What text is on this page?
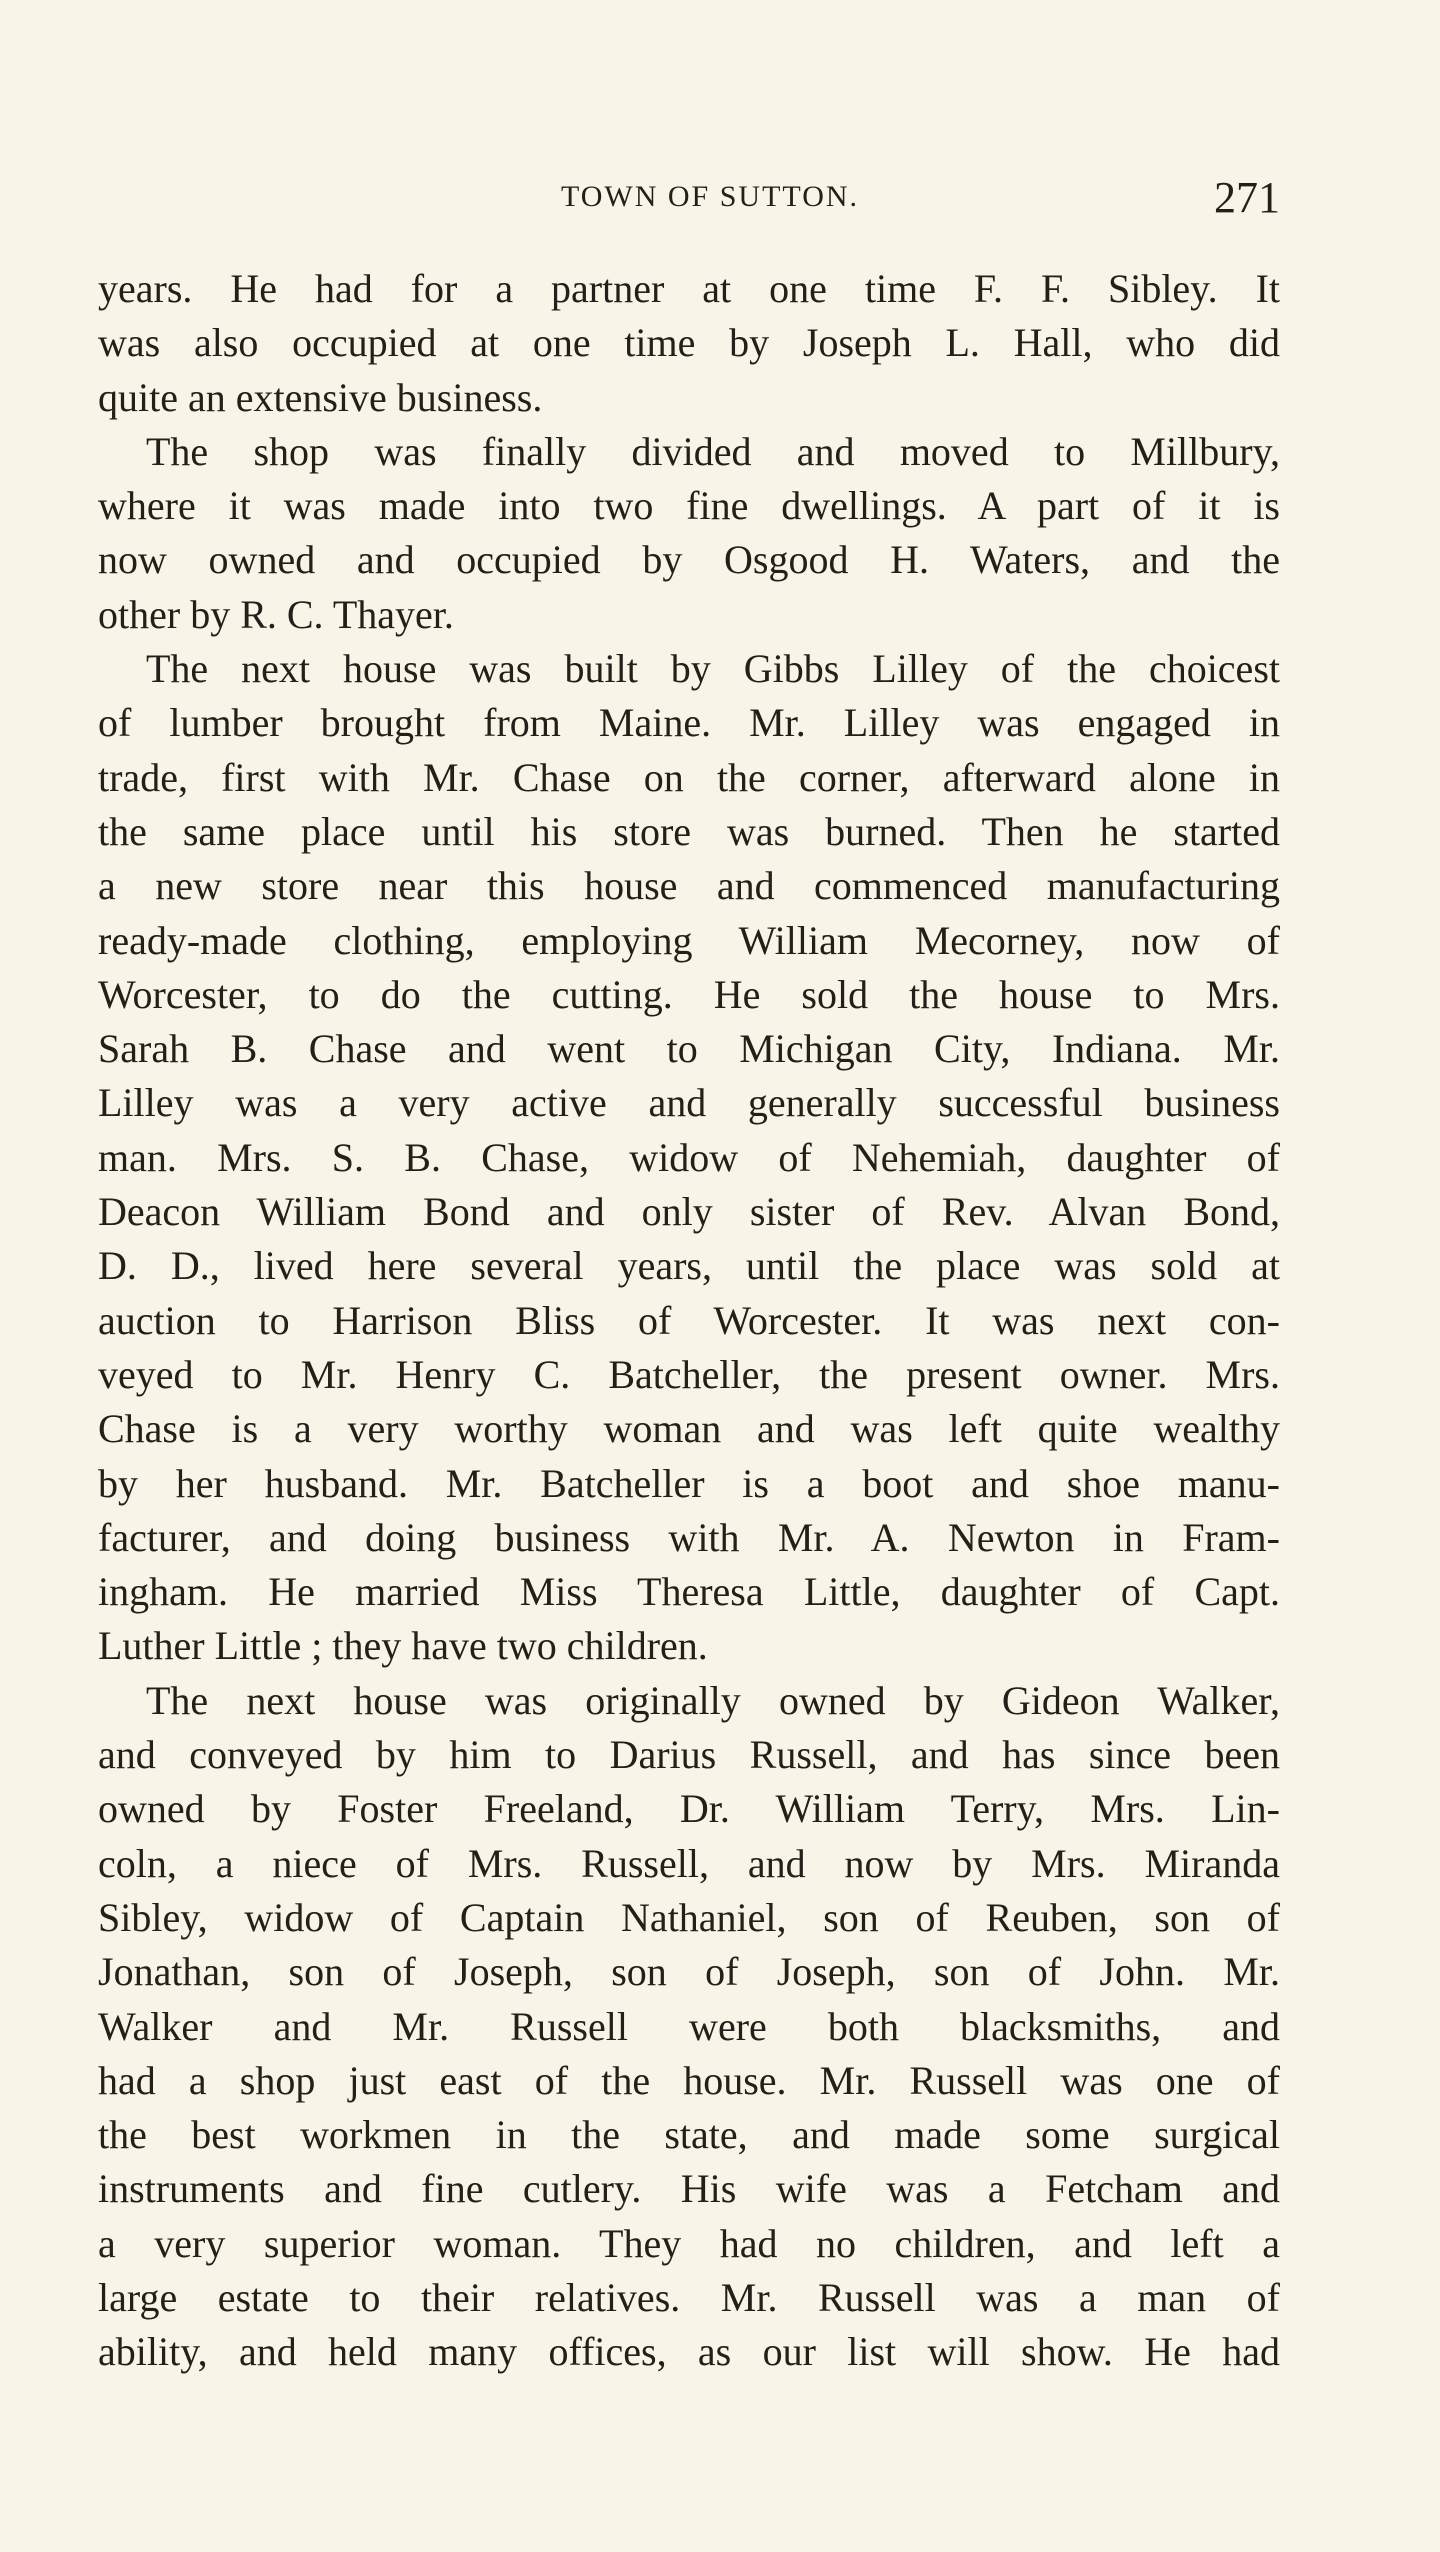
TOWN OF SUTTON.	271
years. He had for a partner at one time F. F. Sibley. It
was also occupied at one time by Joseph L. Hall, who did
quite an extensive business.
The shop was finally divided and moved to Millbury,
where it was made into two fine dwellings. A part of it is
now owned and occupied by Osgood H. Waters, and the
other by R. C. Thayer.
The next house was built by Gibbs Lilley of the choicest
of lumber brought from Maine. Mr. Lilley was engaged in
trade, first with Mr. Chase on the corner, afterward alone in
the same place until his store was burned. Then he started
a new store near this house and commenced manufacturing
ready-made clothing, employing William Mecorney, now of
Worcester, to do the cutting. He sold the house to Mrs.
Sarah B. Chase and went to Michigan City, Indiana. Mr.
Lilley was a very active and generally successful business
man. Mrs. S. B. Chase, widow of Nehemiah, daughter of
Deacon William Bond and only sister of Rev. Alvan Bond,
D. D., lived here several years, until the place was sold at
auction to Harrison Bliss of Worcester. It was next con-
veyed to Mr. Henry C. Batcheller, the present owner. Mrs.
Chase is a very worthy woman and was left quite wealthy
by her husband. Mr. Batcheller is a boot and shoe manu-
facturer, and doing business with Mr. A. Newton in Fram-
ingham. He married Miss Theresa Little, daughter of Capt.
Luther Little ; they have two children.
The next house was originally owned by Gideon Walker,
and conveyed by him to Darius Russell, and has since been
owned by Foster Freeland, Dr. William Terry, Mrs. Lin-
coln, a niece of Mrs. Russell, and now by Mrs. Miranda
Sibley, widow of Captain Nathaniel, son of Reuben, son of
Jonathan, son of Joseph, son of Joseph, son of John. Mr.
Walker and Mr. Russell were both blacksmiths, and
had a shop just east of the house. Mr. Russell was one of
the best workmen in the state, and made some surgical
instruments and fine cutlery. His wife was a Fetcham and
a very superior woman. They had no children, and left a
large estate to their relatives. Mr. Russell was a man of
ability, and held many offices, as our list will show. He had
